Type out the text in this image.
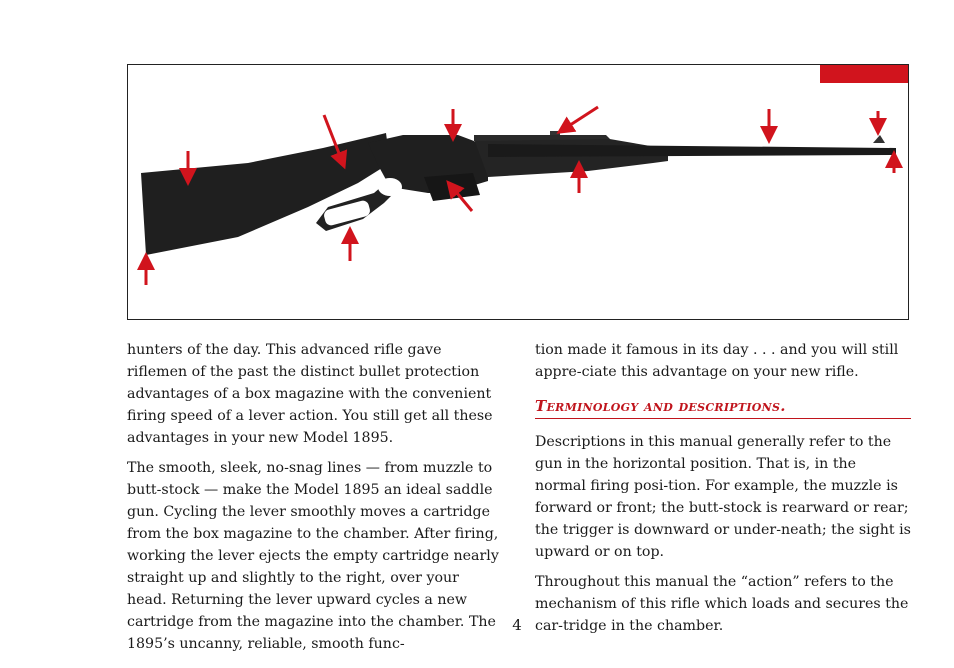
hunters of the day. This advanced rifle gave riflemen of the past the distinct bullet protection advantages of a box magazine with the convenient firing speed of a lever action. You still get all these advantages in your new Model 1895.

The smooth, sleek, no-snag lines — from muzzle to butt-stock — make the Model 1895 an ideal saddle gun. Cycling the lever smoothly moves a cartridge from the box magazine to the chamber. After firing, working the lever ejects the empty cartridge nearly straight up and slightly to the right, over your head. Returning the lever upward cycles a new cartridge from the magazine into the chamber. The 1895’s uncanny, reliable, smooth func-

tion made it famous in its day . . . and you will still appre-ciate this advantage on your new rifle.

Terminology and descriptions.

Descriptions in this manual generally refer to the gun in the horizontal position. That is, in the normal firing posi-tion. For example, the muzzle is forward or front; the butt-stock is rearward or rear; the trigger is downward or under-neath; the sight is upward or on top.

Throughout this manual the “action” refers to the mechanism of this rifle which loads and secures the car-tridge in the chamber.

4
